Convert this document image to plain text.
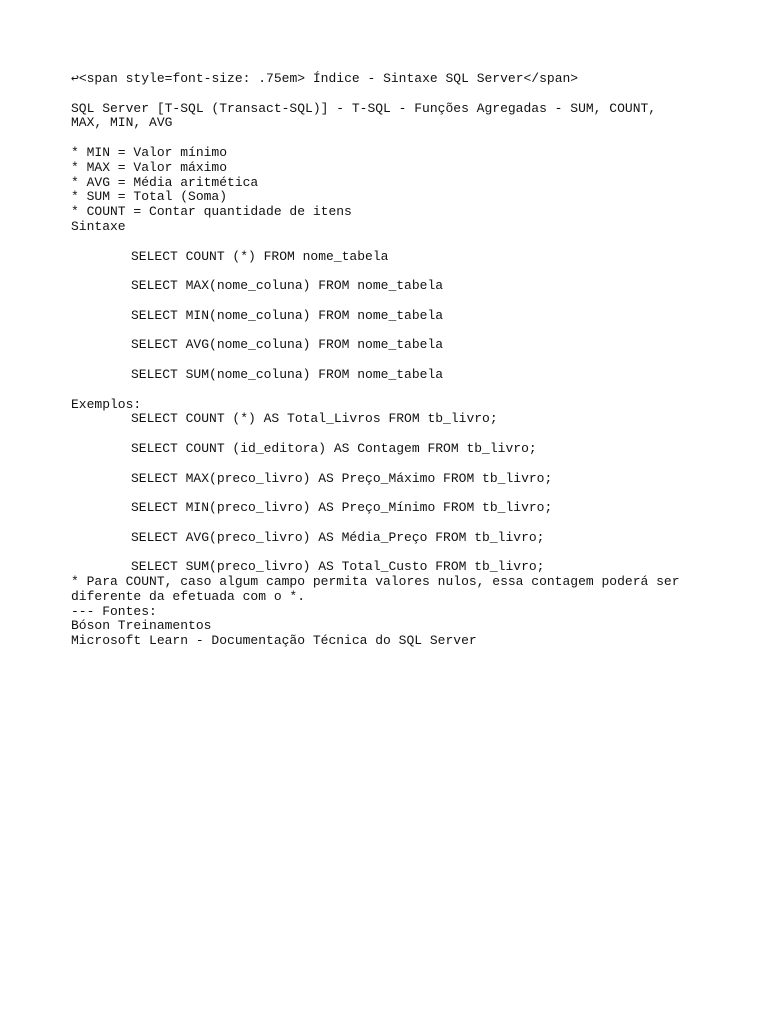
↩<span style=font-size: .75em> Índice - Sintaxe SQL Server</span>
SQL Server [T-SQL (Transact-SQL)] - T-SQL - Funções Agregadas - SUM, COUNT, MAX, MIN, AVG
* MIN = Valor mínimo
* MAX = Valor máximo
* AVG = Média aritmética
* SUM = Total (Soma)
* COUNT = Contar quantidade de itens
Sintaxe
SELECT COUNT (*) FROM nome_tabela
SELECT MAX(nome_coluna) FROM nome_tabela
SELECT MIN(nome_coluna) FROM nome_tabela
SELECT AVG(nome_coluna) FROM nome_tabela
SELECT SUM(nome_coluna) FROM nome_tabela
Exemplos:
SELECT COUNT (*) AS Total_Livros FROM tb_livro;
SELECT COUNT (id_editora) AS Contagem FROM tb_livro;
SELECT MAX(preco_livro) AS Preço_Máximo FROM tb_livro;
SELECT MIN(preco_livro) AS Preço_Mínimo FROM tb_livro;
SELECT AVG(preco_livro) AS Média_Preço FROM tb_livro;
SELECT SUM(preco_livro) AS Total_Custo FROM tb_livro;
* Para COUNT, caso algum campo permita valores nulos, essa contagem poderá ser diferente da efetuada com o *.
--- Fontes:
Bóson Treinamentos
Microsoft Learn - Documentação Técnica do SQL Server
